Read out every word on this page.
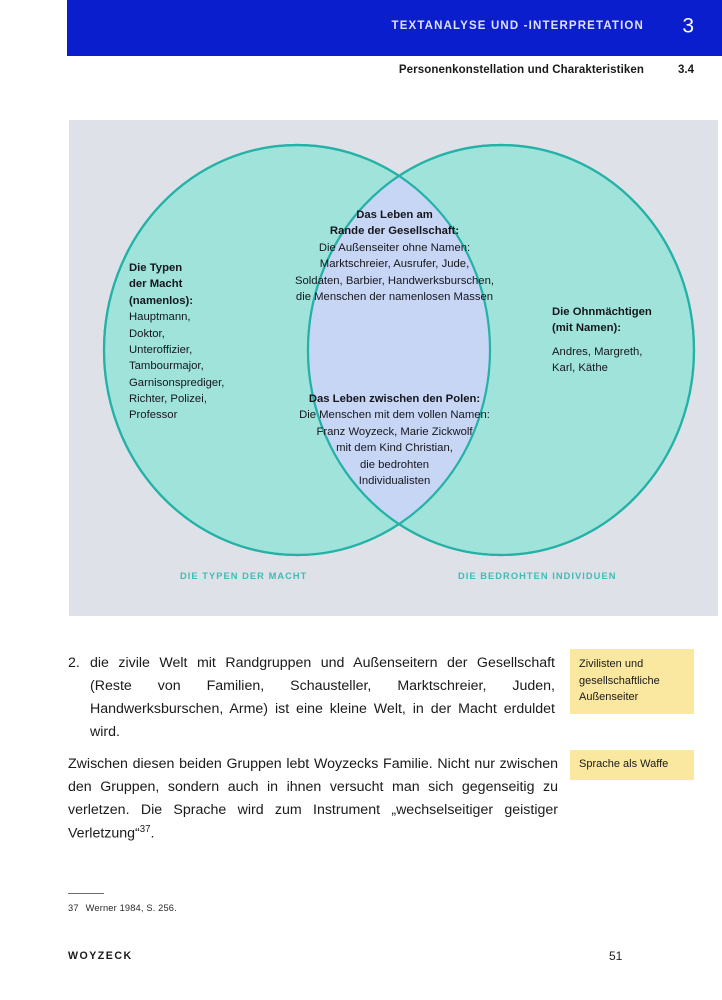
TEXTANALYSE UND -INTERPRETATION 3
Personenkonstellation und Charakteristiken	3.4
Die Typen
der Macht
(namenlos):
Hauptmann,
Doktor,
Unteroffizier,
Tambourmajor,
Garnisonsprediger,
Richter, Polizei,
Professor

Die Ohnmächtigen
(mit Namen):

Andres, Margreth,
Karl, Käthe

Das Leben am
Rande der Gesellschaft:
Die Außenseiter ohne Namen:
Marktschreier, Ausrufer, Jude,
Soldaten, Barbier, Handwerksburschen,
die Menschen der namenlosen Massen

Das Leben zwischen den Polen:
Die Menschen mit dem vollen Namen:
Franz Woyzeck, Marie Zickwolf
mit dem Kind Christian,
die bedrohten
Individualisten

DIE TYPEN DER MACHT	DIE BEDROHTEN INDIVIDUEN
2. die zivile Welt mit Randgruppen und Außenseitern der Gesellschaft (Reste von Familien, Schausteller, Marktschreier, Juden, Handwerksburschen, Arme) ist eine kleine Welt, in der Macht erduldet wird.
Zwischen diesen beiden Gruppen lebt Woyzecks Familie. Nicht nur zwischen den Gruppen, sondern auch in ihnen versucht man sich gegenseitig zu verletzen. Die Sprache wird zum Instrument „wechselseitiger geistiger Verletzung“$^{37}$.
Zivilisten und gesellschaftliche Außenseiter
Sprache als Waffe
37 Werner 1984, S. 256.
WOYZECK	51
